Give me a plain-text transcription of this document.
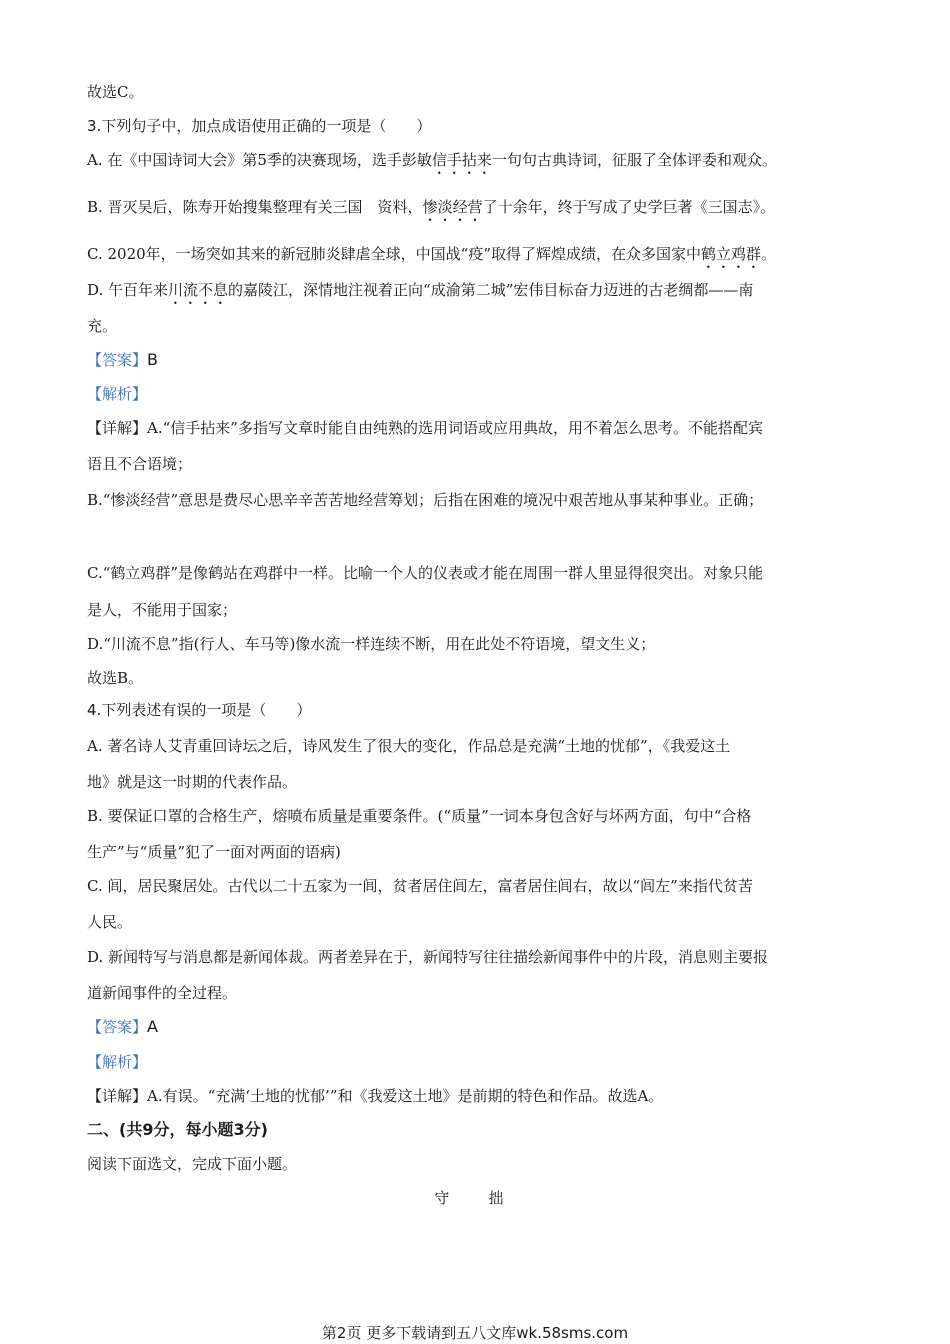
故选C。
3.下列句子中，加点成语使用正确的一项是（　　）
A. 在《中国诗词大会》第5季的决赛现场，选手彭敏信手拈来一句句古典诗词，征服了全体评委和观众。
B. 晋灭吴后，陈寿开始搜集整理有关三国　资料，惨淡经营了十余年，终于写成了史学巨著《三国志》。
C. 2020年，一场突如其来的新冠肺炎肆虐全球，中国战“疫”取得了辉煌成绩，在众多国家中鹤立鸡群。
D. 午百年来川流不息的嘉陵江，深情地注视着正向“成渝第二城”宏伟目标奋力迈进的古老绸都——南
充。
【答案】B
【解析】
【详解】A.“信手拈来”多指写文章时能自由纯熟的选用词语或应用典故，用不着怎么思考。不能搭配宾
语且不合语境；
B.“惨淡经营”意思是费尽心思辛辛苦苦地经营筹划；后指在困难的境况中艰苦地从事某种事业。正确；
C.“鹤立鸡群”是像鹤站在鸡群中一样。比喻一个人的仪表或才能在周围一群人里显得很突出。对象只能
是人，不能用于国家；
D.“川流不息”指(行人、车马等)像水流一样连续不断，用在此处不符语境，望文生义；
故选B。
4.下列表述有误的一项是（　　）
A. 著名诗人艾青重回诗坛之后，诗风发生了很大的变化，作品总是充满“土地的忧郁”，《我爱这土
地》就是这一时期的代表作品。
B. 要保证口罩的合格生产，熔喷布质量是重要条件。(“质量”一词本身包含好与坏两方面，句中“合格
生产”与“质量”犯了一面对两面的语病)
C. 闾，居民聚居处。古代以二十五家为一闾，贫者居住闾左，富者居住闾右，故以“闾左”来指代贫苦
人民。
D. 新闻特写与消息都是新闻体裁。两者差异在于，新闻特写往往描绘新闻事件中的片段，消息则主要报
道新闻事件的全过程。
【答案】A
【解析】
【详解】A.有误。“充满‘土地的忧郁’”和《我爱这土地》是前期的特色和作品。故选A。
二、(共9分，每小题3分)
阅读下面选文，完成下面小题。
守　拙
第2页 更多下载请到五八文库wk.58sms.com
